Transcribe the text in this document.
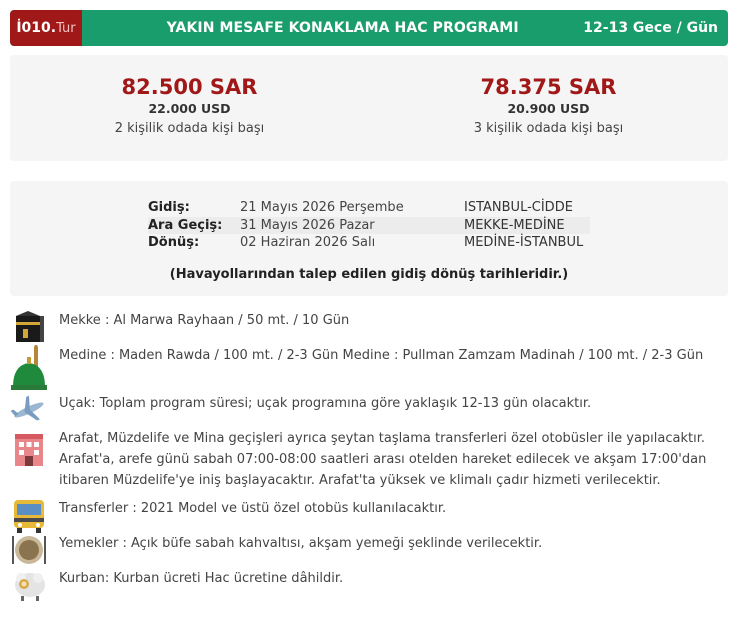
İ010. Tur	YAKIN MESAFE KONAKLAMA HAC PROGRAMI	12-13 Gece / Gün
82.500 SAR
22.000 USD
2 kişilik odada kişi başı
78.375 SAR
20.900 USD
3 kişilik odada kişi başı
Gidiş:	21 Mayıs 2026 Perşembe	ISTANBUL-CİDDE
Ara Geçiş:	31 Mayıs 2026 Pazar	MEKKE-MEDİNE
Dönüş:	02 Haziran 2026 Salı	MEDİNE-İSTANBUL
(Havayollarından talep edilen gidiş dönüş tarihleridir.)
Mekke : Al Marwa Rayhaan / 50 mt. / 10 Gün
Medine : Maden Rawda / 100 mt. / 2-3 Gün Medine : Pullman Zamzam Madinah / 100 mt. / 2-3 Gün
Uçak: Toplam program süresi; uçak programına göre yaklaşık 12-13 gün olacaktır.
Arafat, Müzdelife ve Mina geçişleri ayrıca şeytan taşlama transferleri özel otobüsler ile yapılacaktır. Arafat'a, arefe günü sabah 07:00-08:00 saatleri arası otelden hareket edilecek ve akşam 17:00'dan itibaren Müzdelife'ye iniş başlayacaktır. Arafat'ta yüksek ve klimalı çadır hizmeti verilecektir.
Transferler : 2021 Model ve üstü özel otobüs kullanılacaktır.
Yemekler : Açık büfe sabah kahvaltısı, akşam yemeği şeklinde verilecektir.
Kurban: Kurban ücreti Hac ücretine dâhildir.
